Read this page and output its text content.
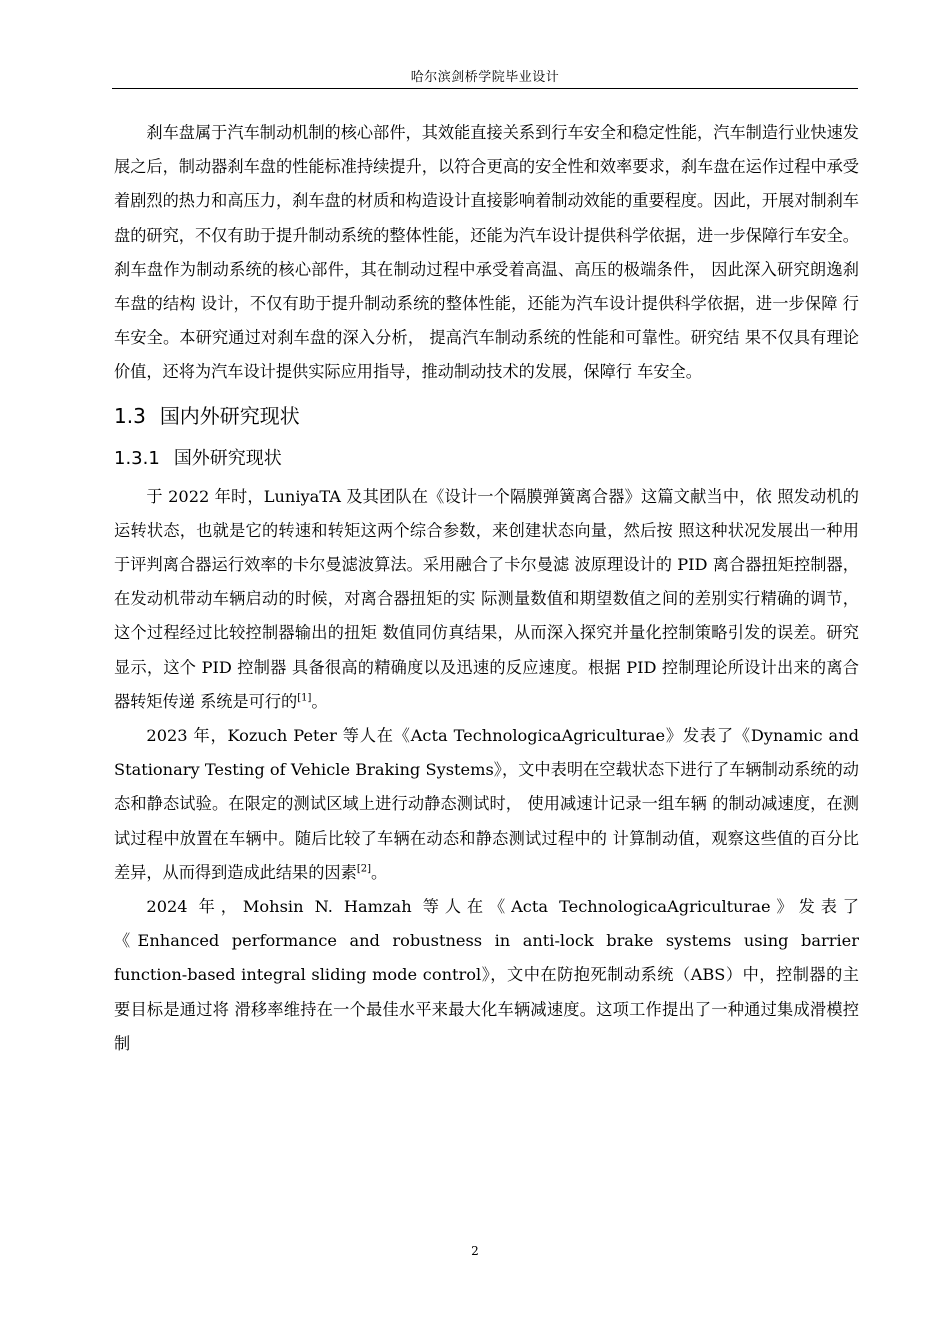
哈尔滨剑桥学院毕业设计

刹车盘属于汽车制动机制的核心部件，其效能直接关系到行车安全和稳定性能，汽车制造行业快速发展之后，制动器刹车盘的性能标准持续提升，以符合更高的安全性和效率要求，刹车盘在运作过程中承受着剧烈的热力和高压力，刹车盘的材质和构造设计直接影响着制动效能的重要程度。因此，开展对制刹车盘的研究，不仅有助于提升制动系统的整体性能，还能为汽车设计提供科学依据，进一步保障行车安全。刹车盘作为制动系统的核心部件，其在制动过程中承受着高温、高压的极端条件， 因此深入研究朗逸刹车盘的结构 设计，不仅有助于提升制动系统的整体性能，还能为汽车设计提供科学依据，进一步保障 行车安全。本研究通过对刹车盘的深入分析， 提高汽车制动系统的性能和可靠性。研究结 果不仅具有理论价值，还将为汽车设计提供实际应用指导，推动制动技术的发展，保障行 车安全。

1.3 国内外研究现状
1.3.1 国外研究现状

于 2022 年时，LuniyaTA 及其团队在《设计一个隔膜弹簧离合器》这篇文献当中，依 照发动机的运转状态，也就是它的转速和转矩这两个综合参数，来创建状态向量，然后按 照这种状况发展出一种用于评判离合器运行效率的卡尔曼滤波算法。采用融合了卡尔曼滤 波原理设计的 PID 离合器扭矩控制器，在发动机带动车辆启动的时候，对离合器扭矩的实 际测量数值和期望数值之间的差别实行精确的调节，这个过程经过比较控制器输出的扭矩 数值同仿真结果，从而深入探究并量化控制策略引发的误差。研究显示，这个 PID 控制器 具备很高的精确度以及迅速的反应速度。根据 PID 控制理论所设计出来的离合器转矩传递 系统是可行的[1]。

2023 年，Kozuch Peter 等人在《Acta TechnologicaAgriculturae》发表了《Dynamic and Stationary Testing of Vehicle Braking Systems》，文中表明在空载状态下进行了车辆制动系统的动态和静态试验。在限定的测试区域上进行动静态测试时， 使用减速计记录一组车辆 的制动减速度，在测试过程中放置在车辆中。随后比较了车辆在动态和静态测试过程中的 计算制动值，观察这些值的百分比差异，从而得到造成此结果的因素[2]。

2024 年，Mohsin N. Hamzah 等人在《Acta TechnologicaAgriculturae》发表了《Enhanced performance and robustness in anti-lock brake systems using barrier function-based integral sliding mode control》，文中在防抱死制动系统（ABS）中，控制器的主要目标是通过将 滑移率维持在一个最佳水平来最大化车辆减速度。这项工作提出了一种通过集成滑模控制

2
